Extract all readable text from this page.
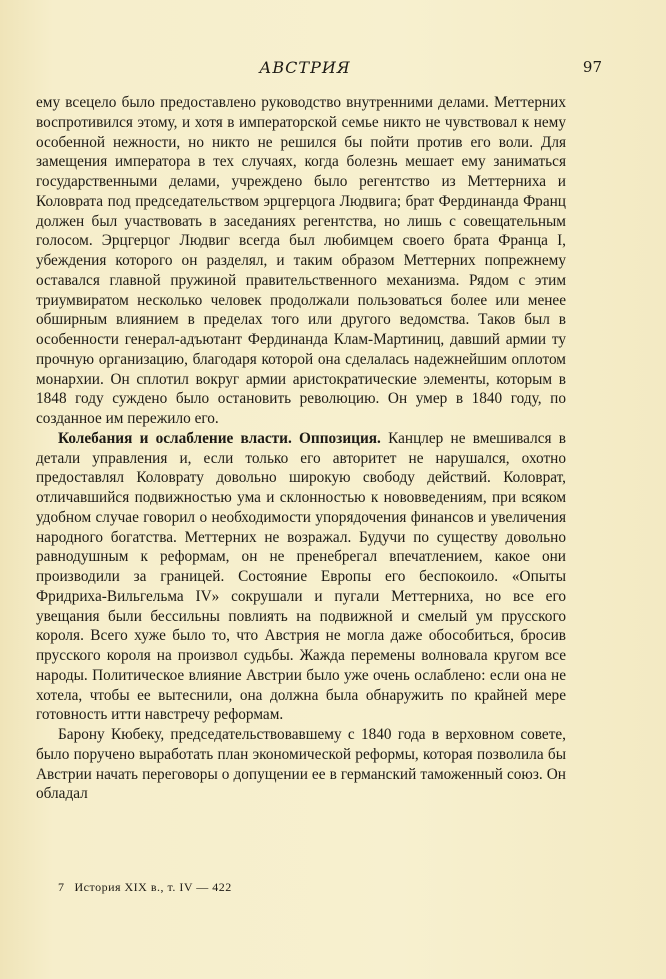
АВСТРИЯ	97

ему всецело было предоставлено руководство внутренними делами. Меттерних воспротивился этому, и хотя в императорской семье никто не чувствовал к нему особенной нежности, но никто не решился бы пойти против его воли. Для замещения императора в тех случаях, когда болезнь мешает ему заниматься государственными делами, учреждено было регентство из Меттерниха и Коловрата под председательством эрцгерцога Людвига; брат Фердинанда Франц должен был участвовать в заседаниях регентства, но лишь с совещательным голосом. Эрцгерцог Людвиг всегда был любимцем своего брата Франца I, убеждения которого он разделял, и таким образом Меттерних попрежнему оставался главной пружиной правительственного механизма. Рядом с этим триумвиратом несколько человек продолжали пользоваться более или менее обширным влиянием в пределах того или другого ведомства. Таков был в особенности генерал-адъютант Фердинанда Клам-Мартиниц, давший армии ту прочную организацию, благодаря которой она сделалась надежнейшим оплотом монархии. Он сплотил вокруг армии аристократические элементы, которым в 1848 году суждено было остановить революцию. Он умер в 1840 году, по созданное им пережило его.

Колебания и ослабление власти. Оппозиция. Канцлер не вмешивался в детали управления и, если только его авторитет не нарушался, охотно предоставлял Коловрату довольно широкую свободу действий. Коловрат, отличавшийся подвижностью ума и склонностью к нововведениям, при всяком удобном случае говорил о необходимости упорядочения финансов и увеличения народного богатства. Меттерних не возражал. Будучи по существу довольно равнодушным к реформам, он не пренебрегал впечатлением, какое они производили за границей. Состояние Европы его беспокоило. «Опыты Фридриха-Вильгельма IV» сокрушали и пугали Меттерниха, но все его увещания были бессильны повлиять на подвижной и смелый ум прусского короля. Всего хуже было то, что Австрия не могла даже обособиться, бросив прусского короля на произвол судьбы. Жажда перемены волновала кругом все народы. Политическое влияние Австрии было уже очень ослаблено: если она не хотела, чтобы ее вытеснили, она должна была обнаружить по крайней мере готовность итти навстречу реформам.

Барону Кюбеку, председательствовавшему с 1840 года в верховном совете, было поручено выработать план экономической реформы, которая позволила бы Австрии начать переговоры о допущении ее в германский таможенный союз. Он обладал

7 История XIX в., т. IV — 422
